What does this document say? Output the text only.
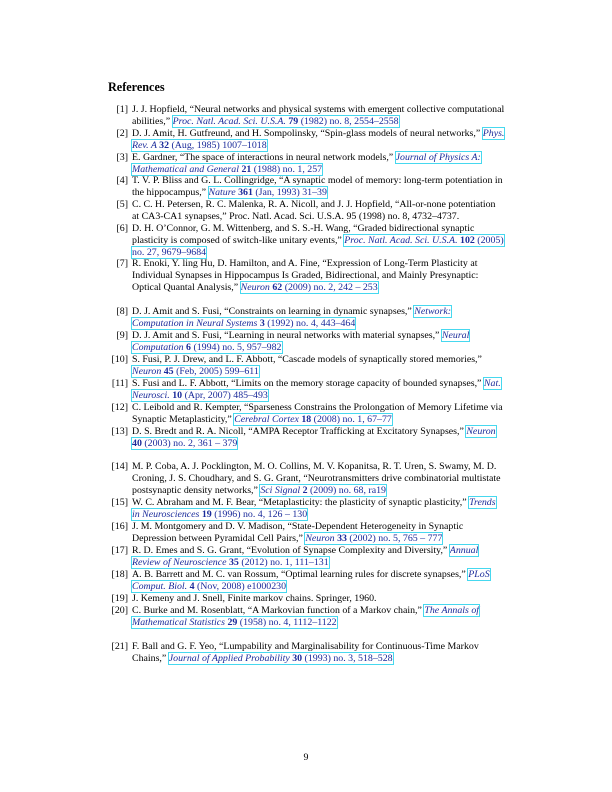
References
[1] J. J. Hopfield, “Neural networks and physical systems with emergent collective computational abilities,” Proc. Natl. Acad. Sci. U.S.A. 79 (1982) no. 8, 2554–2558
[2] D. J. Amit, H. Gutfreund, and H. Sompolinsky, “Spin-glass models of neural networks,” Phys. Rev. A 32 (Aug, 1985) 1007–1018
[3] E. Gardner, “The space of interactions in neural network models,” Journal of Physics A: Mathematical and General 21 (1988) no. 1, 257
[4] T. V. P. Bliss and G. L. Collingridge, “A synaptic model of memory: long-term potentiation in the hippocampus,” Nature 361 (Jan, 1993) 31–39
[5] C. C. H. Petersen, R. C. Malenka, R. A. Nicoll, and J. J. Hopfield, “All-or-none potentiation at CA3-CA1 synapses,” Proc. Natl. Acad. Sci. U.S.A. 95 (1998) no. 8, 4732–4737.
[6] D. H. O’Connor, G. M. Wittenberg, and S. S.-H. Wang, “Graded bidirectional synaptic plasticity is composed of switch-like unitary events,” Proc. Natl. Acad. Sci. U.S.A. 102 (2005) no. 27, 9679–9684
[7] R. Enoki, Y. ling Hu, D. Hamilton, and A. Fine, “Expression of Long-Term Plasticity at Individual Synapses in Hippocampus Is Graded, Bidirectional, and Mainly Presynaptic: Optical Quantal Analysis,” Neuron 62 (2009) no. 2, 242 – 253
[8] D. J. Amit and S. Fusi, “Constraints on learning in dynamic synapses,” Network: Computation in Neural Systems 3 (1992) no. 4, 443–464
[9] D. J. Amit and S. Fusi, “Learning in neural networks with material synapses,” Neural Computation 6 (1994) no. 5, 957–982
[10] S. Fusi, P. J. Drew, and L. F. Abbott, “Cascade models of synaptically stored memories,” Neuron 45 (Feb, 2005) 599–611
[11] S. Fusi and L. F. Abbott, “Limits on the memory storage capacity of bounded synapses,” Nat. Neurosci. 10 (Apr, 2007) 485–493
[12] C. Leibold and R. Kempter, “Sparseness Constrains the Prolongation of Memory Lifetime via Synaptic Metaplasticity,” Cerebral Cortex 18 (2008) no. 1, 67–77
[13] D. S. Bredt and R. A. Nicoll, “AMPA Receptor Trafficking at Excitatory Synapses,” Neuron 40 (2003) no. 2, 361 – 379
[14] M. P. Coba, A. J. Pocklington, M. O. Collins, M. V. Kopanitsa, R. T. Uren, S. Swamy, M. D. Croning, J. S. Choudhary, and S. G. Grant, “Neurotransmitters drive combinatorial multistate postsynaptic density networks,” Sci Signal 2 (2009) no. 68, ra19
[15] W. C. Abraham and M. F. Bear, “Metaplasticity: the plasticity of synaptic plasticity,” Trends in Neurosciences 19 (1996) no. 4, 126 – 130
[16] J. M. Montgomery and D. V. Madison, “State-Dependent Heterogeneity in Synaptic Depression between Pyramidal Cell Pairs,” Neuron 33 (2002) no. 5, 765 – 777
[17] R. D. Emes and S. G. Grant, “Evolution of Synapse Complexity and Diversity,” Annual Review of Neuroscience 35 (2012) no. 1, 111–131
[18] A. B. Barrett and M. C. van Rossum, “Optimal learning rules for discrete synapses,” PLoS Comput. Biol. 4 (Nov, 2008) e1000230
[19] J. Kemeny and J. Snell, Finite markov chains. Springer, 1960.
[20] C. Burke and M. Rosenblatt, “A Markovian function of a Markov chain,” The Annals of Mathematical Statistics 29 (1958) no. 4, 1112–1122
[21] F. Ball and G. F. Yeo, “Lumpability and Marginalisability for Continuous-Time Markov Chains,” Journal of Applied Probability 30 (1993) no. 3, 518–528
9
